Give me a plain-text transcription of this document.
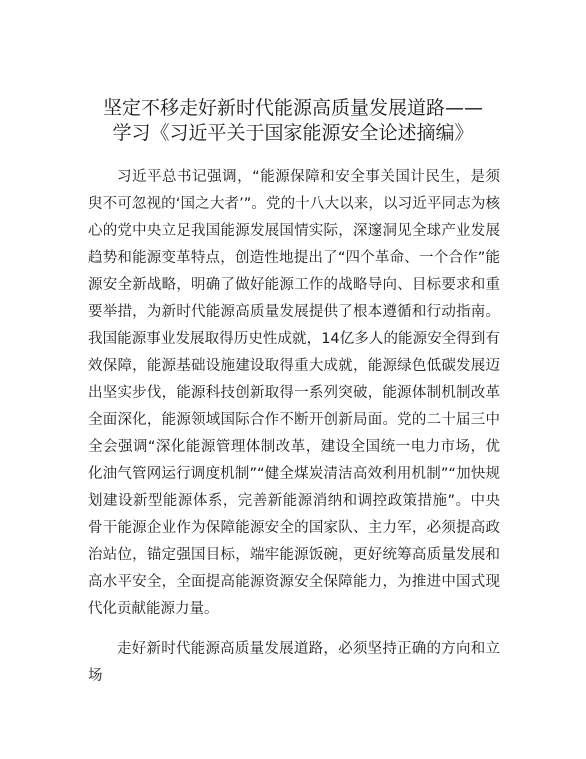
坚定不移走好新时代能源高质量发展道路——
学习《习近平关于国家能源安全论述摘编》

习近平总书记强调，“能源保障和安全事关国计民生，是须臾不可忽视的‘国之大者’”。党的十八大以来，以习近平同志为核心的党中央立足我国能源发展国情实际，深邃洞见全球产业发展趋势和能源变革特点，创造性地提出了“四个革命、一个合作”能源安全新战略，明确了做好能源工作的战略导向、目标要求和重要举措，为新时代能源高质量发展提供了根本遵循和行动指南。我国能源事业发展取得历史性成就，14亿多人的能源安全得到有效保障，能源基础设施建设取得重大成就，能源绿色低碳发展迈出坚实步伐，能源科技创新取得一系列突破，能源体制机制改革全面深化，能源领域国际合作不断开创新局面。党的二十届三中全会强调“深化能源管理体制改革，建设全国统一电力市场，优化油气管网运行调度机制”“健全煤炭清洁高效利用机制”“加快规划建设新型能源体系，完善新能源消纳和调控政策措施”。中央骨干能源企业作为保障能源安全的国家队、主力军，必须提高政治站位，锚定强国目标，端牢能源饭碗，更好统筹高质量发展和高水平安全，全面提高能源资源安全保障能力，为推进中国式现代化贡献能源力量。

走好新时代能源高质量发展道路，必须坚持正确的方向和立场
